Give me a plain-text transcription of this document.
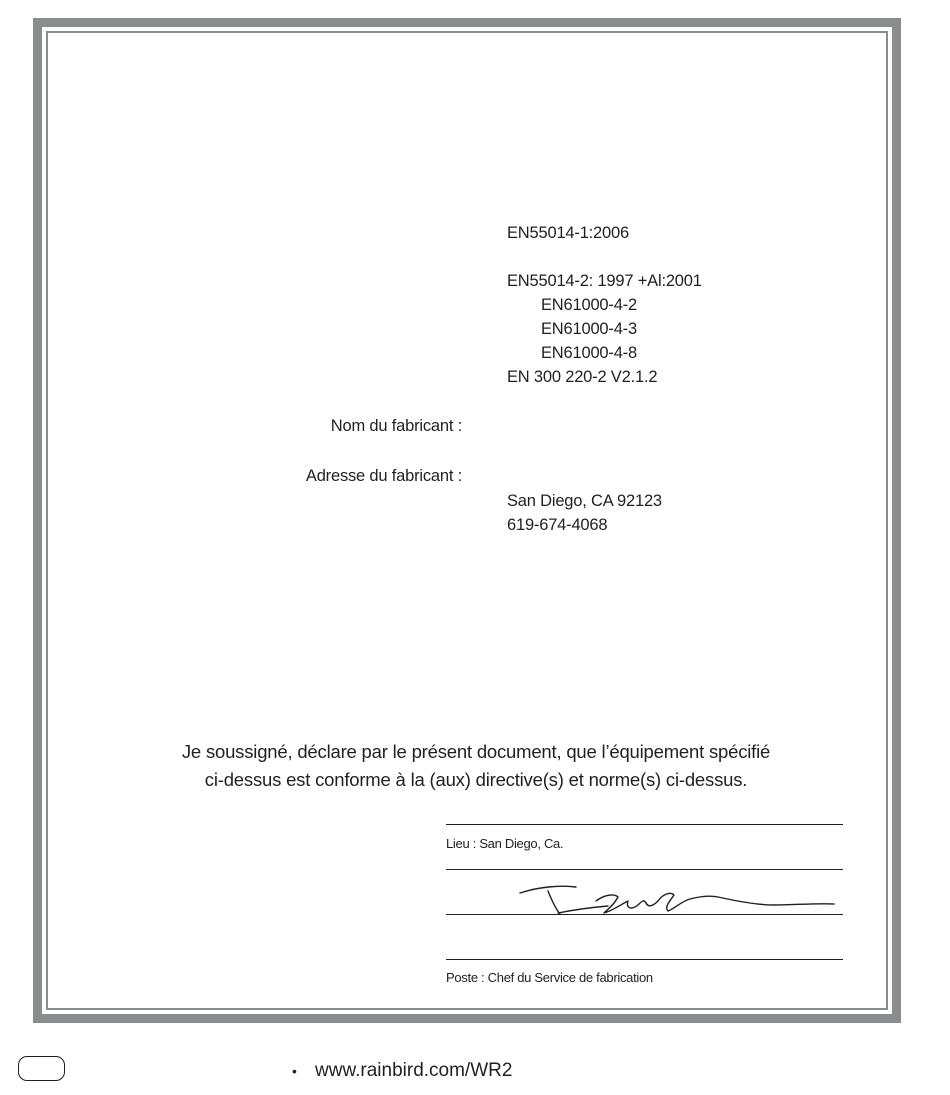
EN55014-1:2006
EN55014-2: 1997 +Al:2001
EN61000-4-2
EN61000-4-3
EN61000-4-8
EN 300 220-2 V2.1.2
Nom du fabricant :
Adresse du fabricant :
San Diego, CA 92123
619-674-4068
Je soussigné, déclare par le présent document, que l’équipement spécifié
ci-dessus est conforme à la (aux) directive(s) et norme(s) ci-dessus.
Lieu : San Diego, Ca.
Poste : Chef du Service de fabrication
• www.rainbird.com/WR2
